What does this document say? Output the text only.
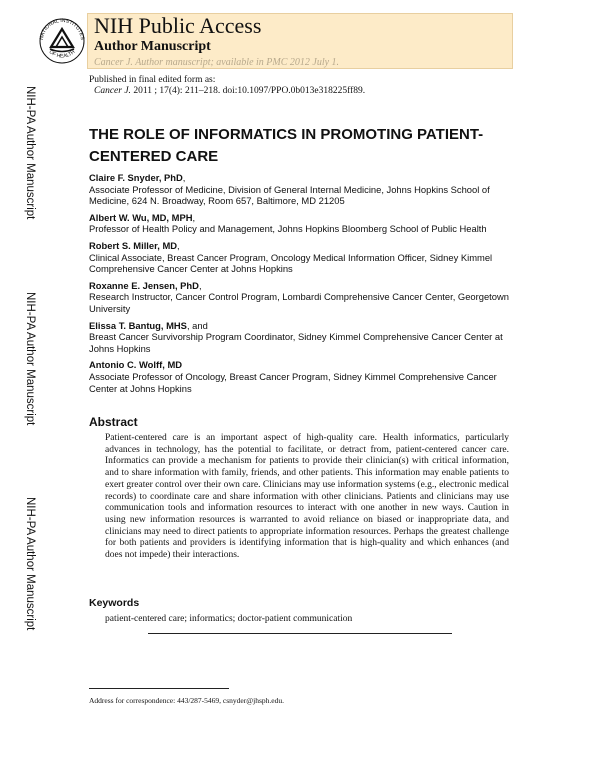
NATIONAL INSTITUTES
OF HEALTH
NIH Public Access
Author Manuscript
Cancer J. Author manuscript; available in PMC 2012 July 1.
NIH-PA Author Manuscript
NIH-PA Author Manuscript
NIH-PA Author Manuscript
Published in final edited form as:
Cancer J. 2011 ; 17(4): 211–218. doi:10.1097/PPO.0b013e318225ff89.
THE ROLE OF INFORMATICS IN PROMOTING PATIENT-CENTERED CARE
Claire F. Snyder, PhD,
Associate Professor of Medicine, Division of General Internal Medicine, Johns Hopkins School of Medicine, 624 N. Broadway, Room 657, Baltimore, MD 21205
Albert W. Wu, MD, MPH,
Professor of Health Policy and Management, Johns Hopkins Bloomberg School of Public Health
Robert S. Miller, MD,
Clinical Associate, Breast Cancer Program, Oncology Medical Information Officer, Sidney Kimmel Comprehensive Cancer Center at Johns Hopkins
Roxanne E. Jensen, PhD,
Research Instructor, Cancer Control Program, Lombardi Comprehensive Cancer Center, Georgetown University
Elissa T. Bantug, MHS, and
Breast Cancer Survivorship Program Coordinator, Sidney Kimmel Comprehensive Cancer Center at Johns Hopkins
Antonio C. Wolff, MD
Associate Professor of Oncology, Breast Cancer Program, Sidney Kimmel Comprehensive Cancer Center at Johns Hopkins
Abstract
Patient-centered care is an important aspect of high-quality care. Health informatics, particularly advances in technology, has the potential to facilitate, or detract from, patient-centered cancer care. Informatics can provide a mechanism for patients to provide their clinician(s) with critical information, and to share information with family, friends, and other patients. This information may enable patients to exert greater control over their own care. Clinicians may use information systems (e.g., electronic medical records) to coordinate care and share information with other clinicians. Patients and clinicians may use communication tools and information resources to interact with one another in new ways. Caution in using new information resources is warranted to avoid reliance on biased or inappropriate data, and clinicians may need to direct patients to appropriate information resources. Perhaps the greatest challenge for both patients and providers is identifying information that is high-quality and which enhances (and does not impede) their interactions.
Keywords
patient-centered care; informatics; doctor-patient communication
Address for correspondence: 443/287-5469, csnyder@jhsph.edu.
